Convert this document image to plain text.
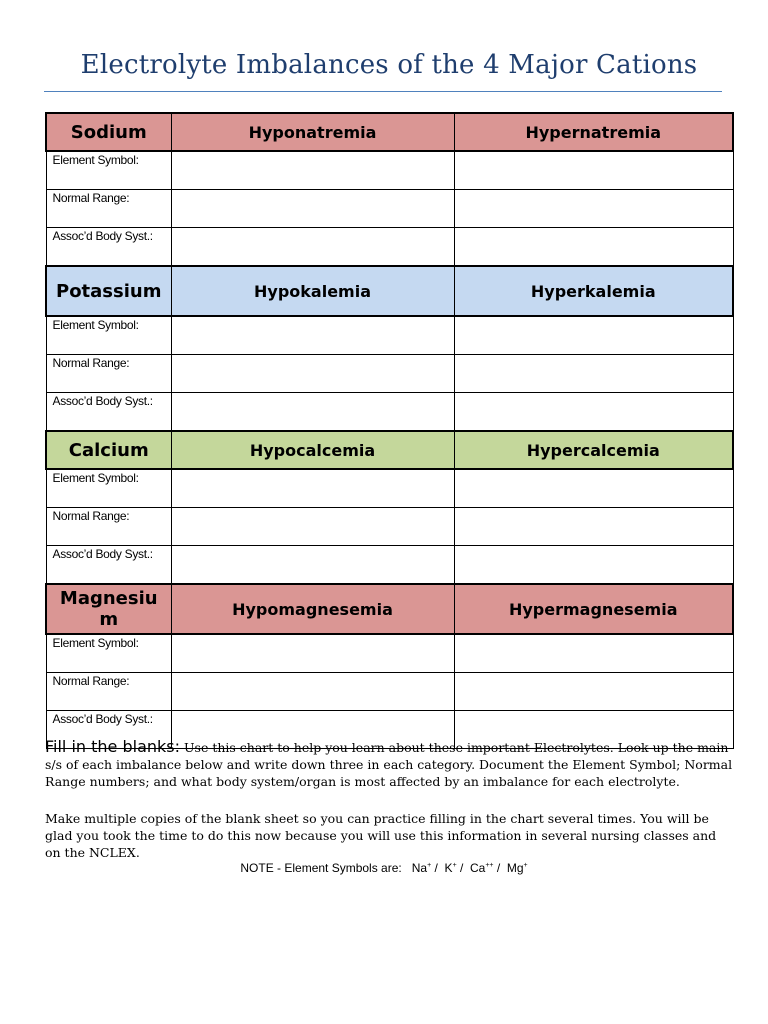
Electrolyte Imbalances of the 4 Major Cations
Sodium	Hyponatremia	Hypernatremia
Element Symbol:		
Normal Range:		
Assoc’d Body Syst.:		
Potassium	Hypokalemia	Hyperkalemia
Element Symbol:		
Normal Range:		
Assoc’d Body Syst.:		
Calcium	Hypocalcemia	Hypercalcemia
Element Symbol:		
Normal Range:		
Assoc’d Body Syst.:		
Magnesium	Hypomagnesemia	Hypermagnesemia
Element Symbol:		
Normal Range:		
Assoc’d Body Syst.:		
Fill in the blanks: Use this chart to help you learn about these important Electrolytes. Look up the main s/s of each imbalance below and write down three in each category. Document the Element Symbol; Normal Range numbers; and what body system/organ is most affected by an imbalance for each electrolyte.
Make multiple copies of the blank sheet so you can practice filling in the chart several times. You will be glad you took the time to do this now because you will use this information in several nursing classes and on the NCLEX.
NOTE - Element Symbols are: Na+ /  K+ /  Ca++ /  Mg+
